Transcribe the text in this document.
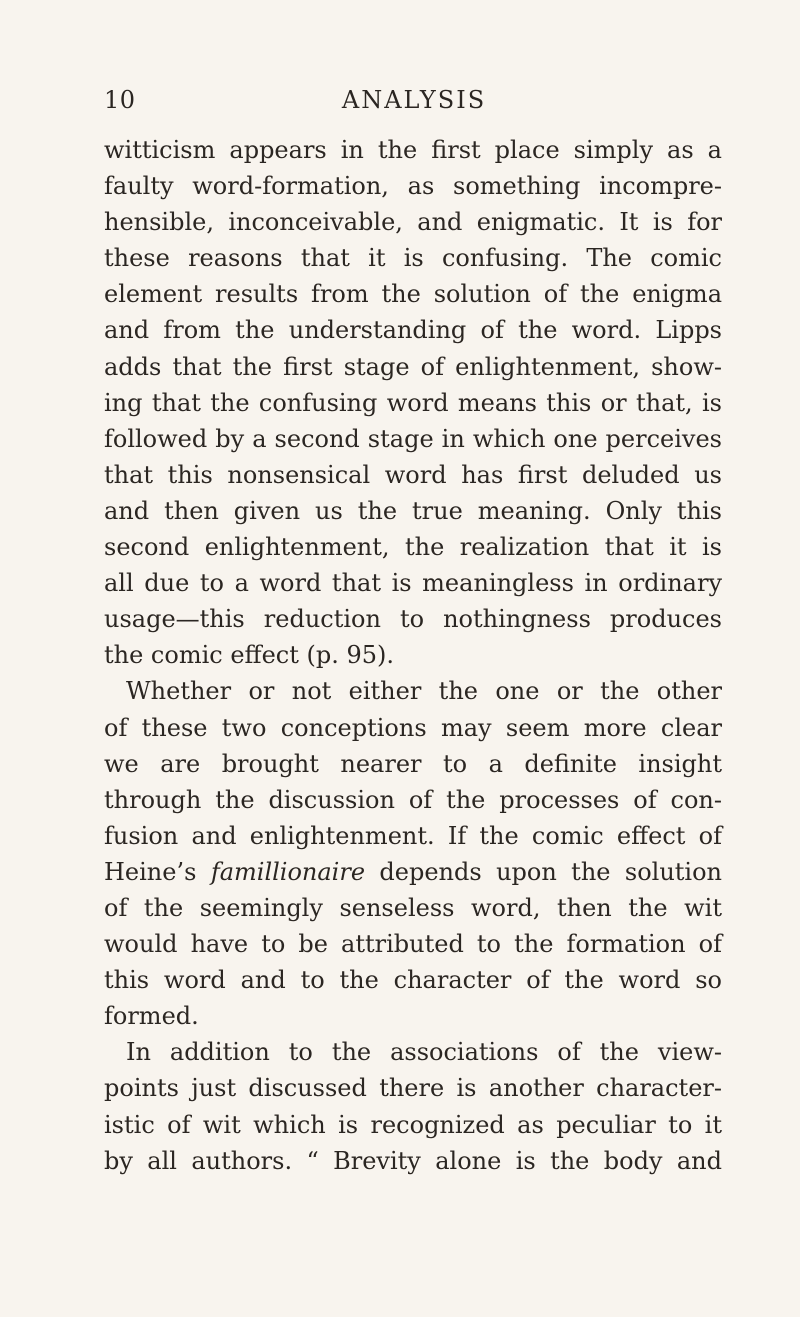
10	ANALYSIS
witticism appears in the first place simply as a
faulty word-formation, as something incompre-
hensible, inconceivable, and enigmatic. It is for
these reasons that it is confusing. The comic
element results from the solution of the enigma
and from the understanding of the word. Lipps
adds that the first stage of enlightenment, show-
ing that the confusing word means this or that, is
followed by a second stage in which one perceives
that this nonsensical word has first deluded us
and then given us the true meaning. Only this
second enlightenment, the realization that it is
all due to a word that is meaningless in ordinary
usage—this reduction to nothingness produces
the comic effect (p. 95).
Whether or not either the one or the other
of these two conceptions may seem more clear
we are brought nearer to a definite insight
through the discussion of the processes of con-
fusion and enlightenment. If the comic effect of
Heine’s famillionaire depends upon the solution
of the seemingly senseless word, then the wit
would have to be attributed to the formation of
this word and to the character of the word so
formed.
In addition to the associations of the view-
points just discussed there is another character-
istic of wit which is recognized as peculiar to it
by all authors. “ Brevity alone is the body and
